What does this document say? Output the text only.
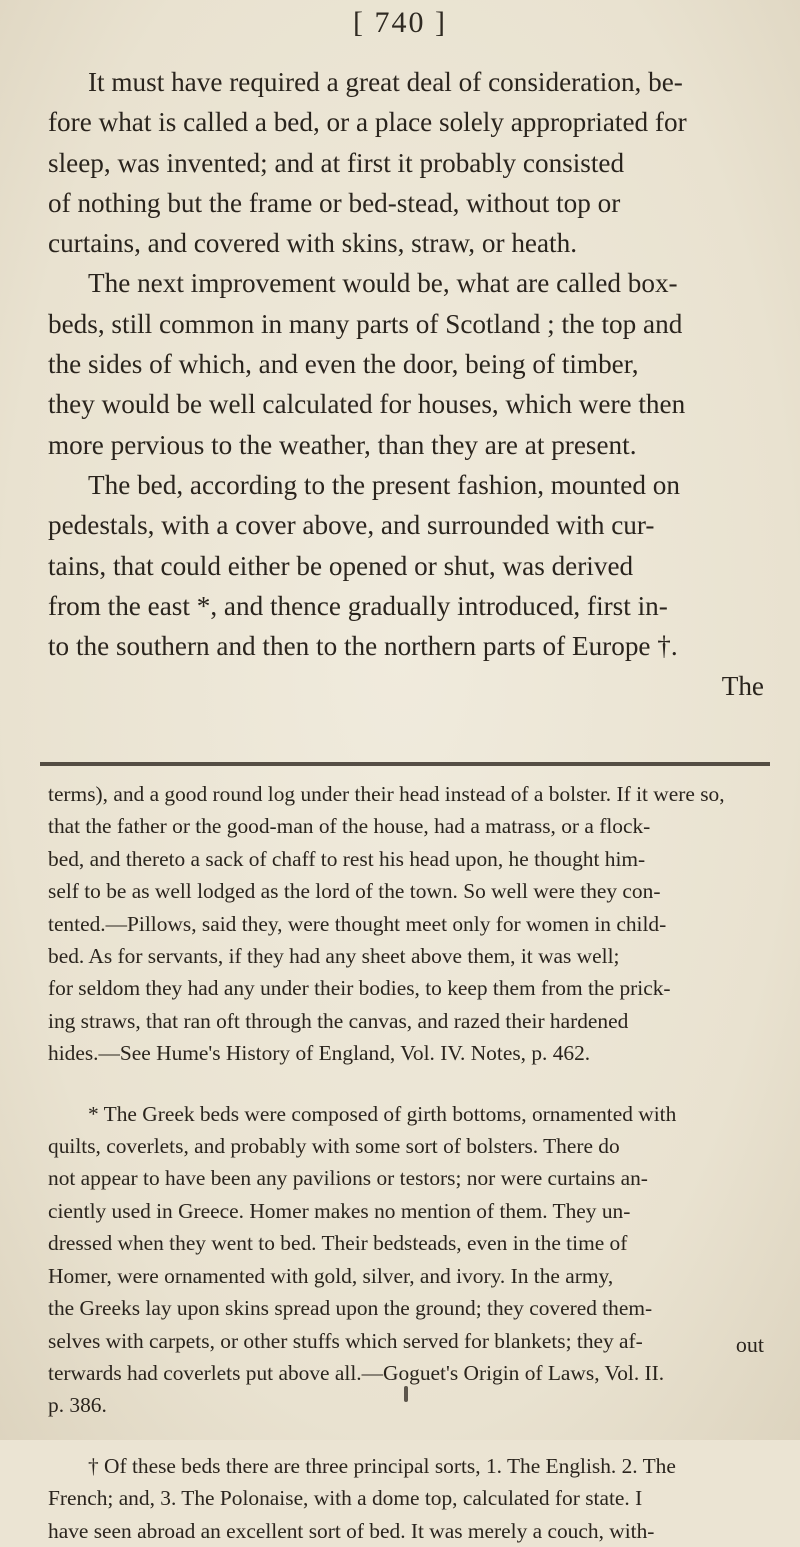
[ 740 ]
It must have required a great deal of consideration, be-
fore what is called a bed, or a place solely appropriated for
sleep, was invented; and at first it probably consisted
of nothing but the frame or bed-stead, without top or
curtains, and covered with skins, straw, or heath.
The next improvement would be, what are called box-
beds, still common in many parts of Scotland ; the top and
the sides of which, and even the door, being of timber,
they would be well calculated for houses, which were then
more pervious to the weather, than they are at present.
The bed, according to the present fashion, mounted on
pedestals, with a cover above, and surrounded with cur-
tains, that could either be opened or shut, was derived
from the east *, and thence gradually introduced, first in-
to the southern and then to the northern parts of Europe †.
The
terms), and a good round log under their head instead of a bolster. If it were so,
that the father or the good-man of the house, had a matrass, or a flock-
bed, and thereto a sack of chaff to rest his head upon, he thought him-
self to be as well lodged as the lord of the town. So well were they con-
tented.—Pillows, said they, were thought meet only for women in child-
bed. As for servants, if they had any sheet above them, it was well;
for seldom they had any under their bodies, to keep them from the prick-
ing straws, that ran oft through the canvas, and razed their hardened
hides.—See Hume's History of England, Vol. IV. Notes, p. 462.
* The Greek beds were composed of girth bottoms, ornamented with
quilts, coverlets, and probably with some sort of bolsters. There do
not appear to have been any pavilions or testors; nor were curtains an-
ciently used in Greece. Homer makes no mention of them. They un-
dressed when they went to bed. Their bedsteads, even in the time of
Homer, were ornamented with gold, silver, and ivory. In the army,
the Greeks lay upon skins spread upon the ground; they covered them-
selves with carpets, or other stuffs which served for blankets; they af-
terwards had coverlets put above all.—Goguet's Origin of Laws, Vol. II.
p. 386.
† Of these beds there are three principal sorts, 1. The English. 2. The
French; and, 3. The Polonaise, with a dome top, calculated for state. I
have seen abroad an excellent sort of bed. It was merely a couch, with-
out
